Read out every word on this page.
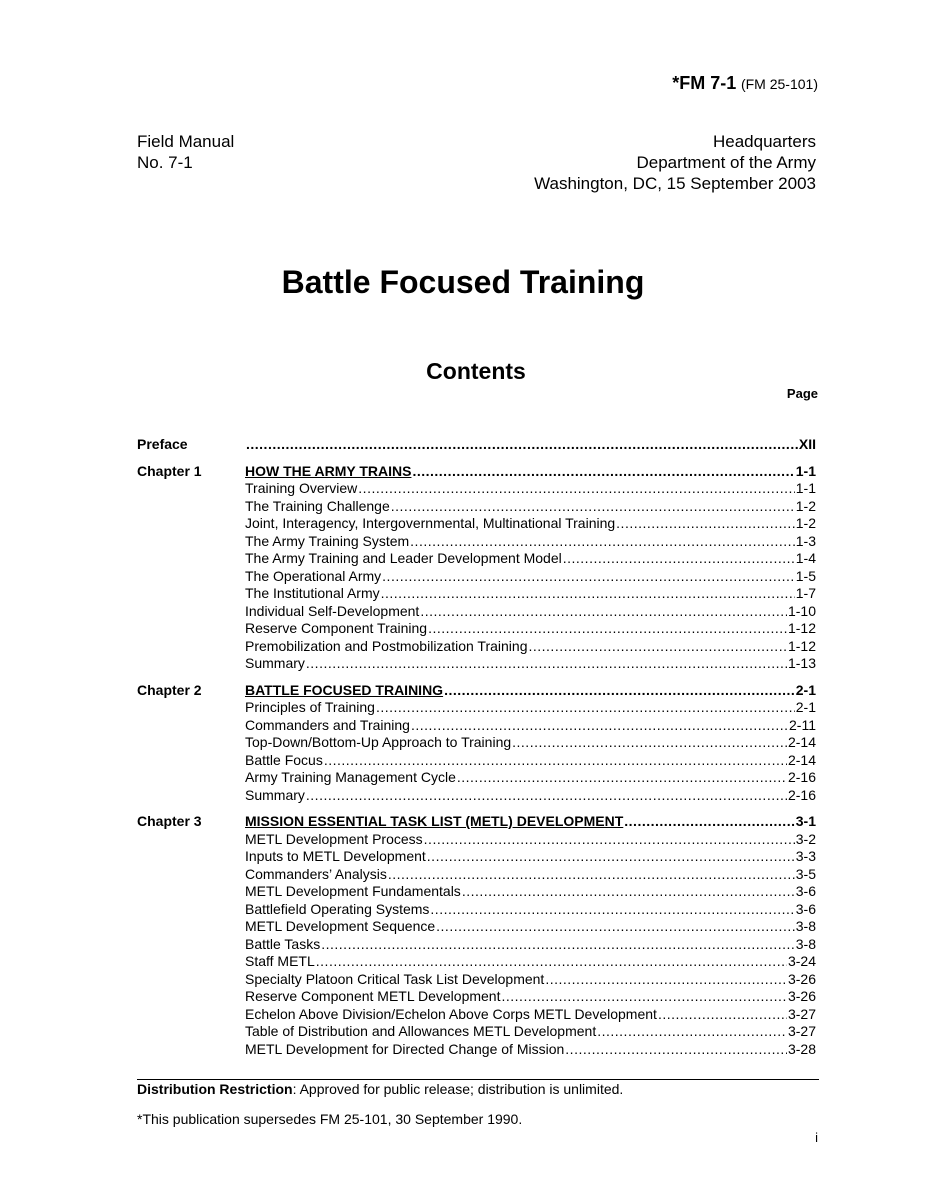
*FM 7-1 (FM 25-101)
Field Manual
No. 7-1
Headquarters
Department of the Army
Washington, DC, 15 September 2003
Battle Focused Training
Contents
Page
Preface .....	XII
Chapter 1	HOW THE ARMY TRAINS .....	1-1
Training Overview .....	1-1
The Training Challenge .....	1-2
Joint, Interagency, Intergovernmental, Multinational Training .....	1-2
The Army Training System .....	1-3
The Army Training and Leader Development Model .....	1-4
The Operational Army .....	1-5
The Institutional Army .....	1-7
Individual Self-Development .....	1-10
Reserve Component Training .....	1-12
Premobilization and Postmobilization Training .....	1-12
Summary .....	1-13
Chapter 2	BATTLE FOCUSED TRAINING .....	2-1
Principles of Training .....	2-1
Commanders and Training .....	2-11
Top-Down/Bottom-Up Approach to Training .....	2-14
Battle Focus .....	2-14
Army Training Management Cycle .....	2-16
Summary .....	2-16
Chapter 3	MISSION ESSENTIAL TASK LIST (METL) DEVELOPMENT .....	3-1
METL Development Process .....	3-2
Inputs to METL Development .....	3-3
Commanders’ Analysis .....	3-5
METL Development Fundamentals .....	3-6
Battlefield Operating Systems .....	3-6
METL Development Sequence .....	3-8
Battle Tasks .....	3-8
Staff METL .....	3-24
Specialty Platoon Critical Task List Development .....	3-26
Reserve Component METL Development .....	3-26
Echelon Above Division/Echelon Above Corps METL Development .....	3-27
Table of Distribution and Allowances METL Development .....	3-27
METL Development for Directed Change of Mission .....	3-28
Distribution Restriction: Approved for public release; distribution is unlimited.
*This publication supersedes FM 25-101, 30 September 1990.
i
